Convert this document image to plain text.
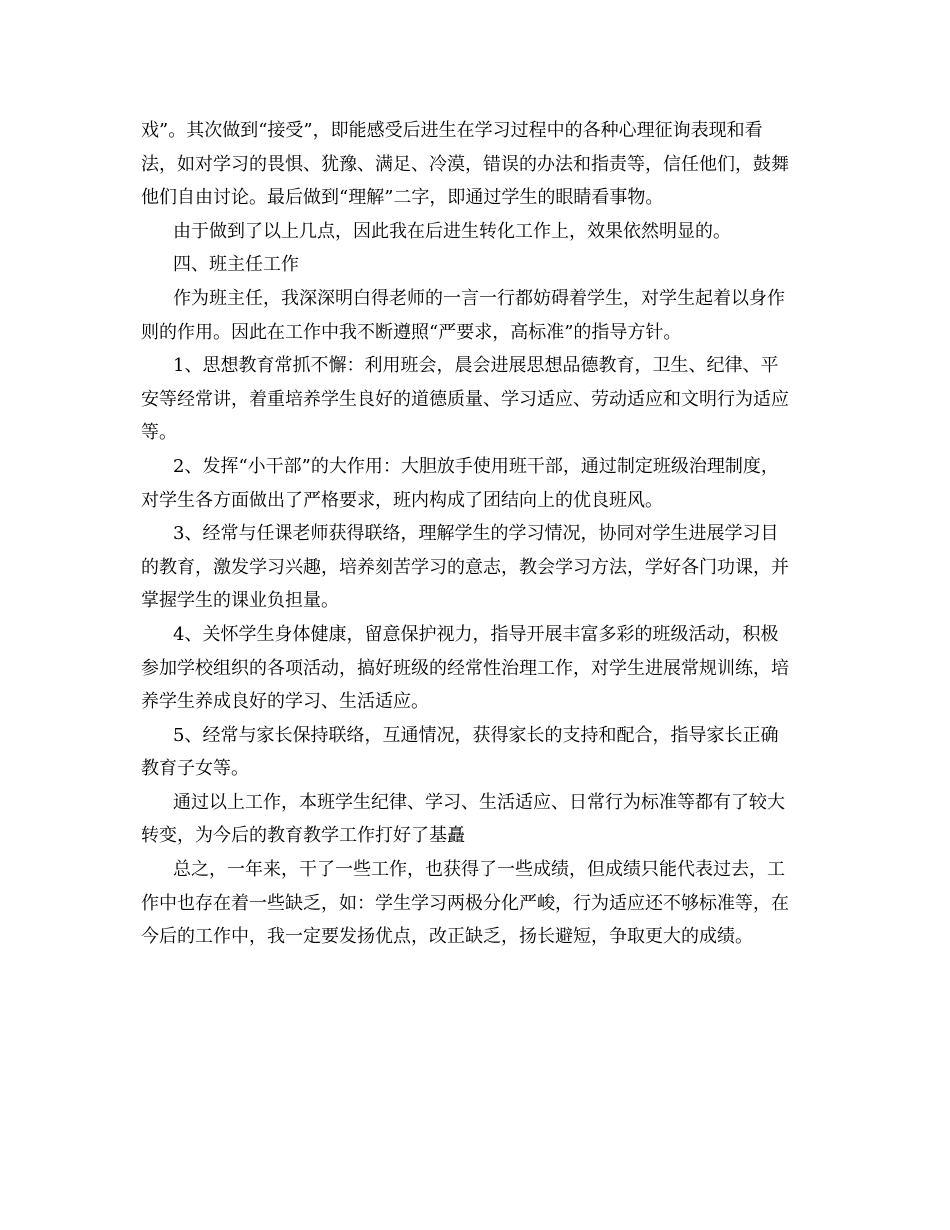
戏”。其次做到“接受”，即能感受后进生在学习过程中的各种心理征询表现和看
法，如对学习的畏惧、犹豫、满足、冷漠，错误的办法和指责等，信任他们，鼓舞
他们自由讨论。最后做到“理解”二字，即通过学生的眼睛看事物。
由于做到了以上几点，因此我在后进生转化工作上，效果依然明显的。
四、班主任工作
作为班主任，我深深明白得老师的一言一行都妨碍着学生，对学生起着以身作
则的作用。因此在工作中我不断遵照“严要求，高标准”的指导方针。
1、思想教育常抓不懈：利用班会，晨会进展思想品德教育，卫生、纪律、平
安等经常讲，着重培养学生良好的道德质量、学习适应、劳动适应和文明行为适应
等。
2、发挥“小干部”的大作用：大胆放手使用班干部，通过制定班级治理制度，
对学生各方面做出了严格要求，班内构成了团结向上的优良班风。
3、经常与任课老师获得联络，理解学生的学习情况，协同对学生进展学习目
的教育，激发学习兴趣，培养刻苦学习的意志，教会学习方法，学好各门功课，并
掌握学生的课业负担量。
4、关怀学生身体健康，留意保护视力，指导开展丰富多彩的班级活动，积极
参加学校组织的各项活动，搞好班级的经常性治理工作，对学生进展常规训练，培
养学生养成良好的学习、生活适应。
5、经常与家长保持联络，互通情况，获得家长的支持和配合，指导家长正确
教育子女等。
通过以上工作，本班学生纪律、学习、生活适应、日常行为标准等都有了较大
转变，为今后的教育教学工作打好了基矗
总之，一年来，干了一些工作，也获得了一些成绩，但成绩只能代表过去，工
作中也存在着一些缺乏，如：学生学习两极分化严峻，行为适应还不够标准等，在
今后的工作中，我一定要发扬优点，改正缺乏，扬长避短，争取更大的成绩。
